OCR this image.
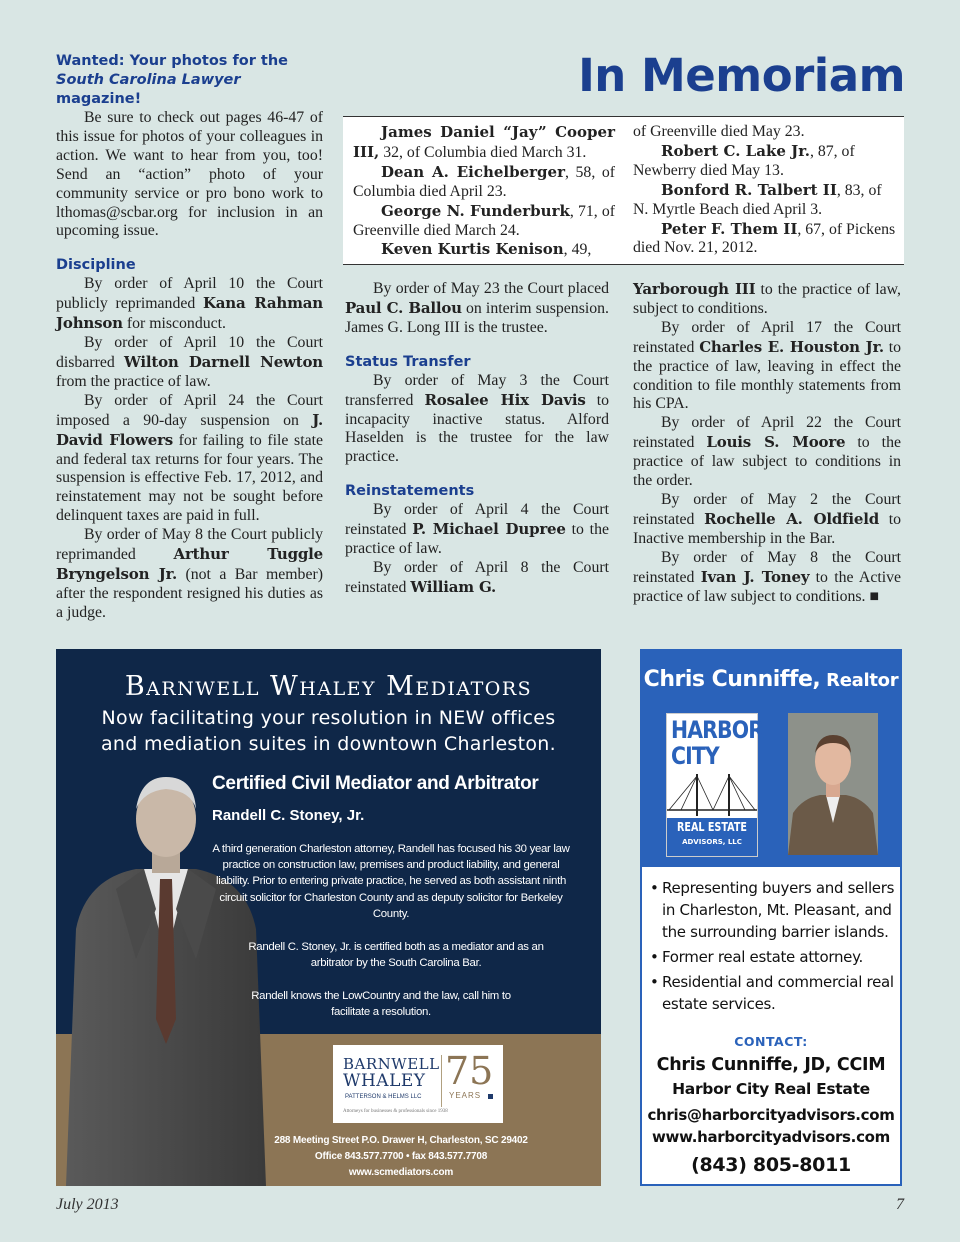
Wanted: Your photos for the
South Carolina Lawyer magazine!

Be sure to check out pages 46-47 of this issue for photos of your colleagues in action. We want to hear from you, too! Send an “action” photo of your community service or pro bono work to lthomas@scbar.org for inclusion in an upcoming issue.

Discipline

By order of April 10 the Court publicly reprimanded Kana Rahman Johnson for misconduct.

By order of April 10 the Court disbarred Wilton Darnell Newton from the practice of law.

By order of April 24 the Court imposed a 90-day suspension on J. David Flowers for failing to file state and federal tax returns for four years. The suspension is effective Feb. 17, 2012, and reinstatement may not be sought before delinquent taxes are paid in full.

By order of May 8 the Court publicly reprimanded Arthur Tuggle Bryngelson Jr. (not a Bar member) after the respondent resigned his duties as a judge.

In Memoriam

James Daniel “Jay” Cooper III, 32, of Columbia died March 31.

Dean A. Eichelberger, 58, of Columbia died April 23.

George N. Funderburk, 71, of Greenville died March 24.

Keven Kurtis Kenison, 49,

of Greenville died May 23.

Robert C. Lake Jr., 87, of Newberry died May 13.

Bonford R. Talbert II, 83, of N. Myrtle Beach died April 3.

Peter F. Them II, 67, of Pickens died Nov. 21, 2012.

By order of May 23 the Court placed Paul C. Ballou on interim suspension. James G. Long III is the trustee.

Status Transfer

By order of May 3 the Court transferred Rosalee Hix Davis to incapacity inactive status. Alford Haselden is the trustee for the law practice.

Reinstatements

By order of April 4 the Court reinstated P. Michael Dupree to the practice of law.

By order of April 8 the Court reinstated William G.

Yarborough III to the practice of law, subject to conditions.

By order of April 17 the Court reinstated Charles E. Houston Jr. to the practice of law, leaving in effect the condition to file monthly statements from his CPA.

By order of April 22 the Court reinstated Louis S. Moore to the practice of law subject to conditions in the order.

By order of May 2 the Court reinstated Rochelle A. Oldfield to Inactive membership in the Bar.

By order of May 8 the Court reinstated Ivan J. Toney to the Active practice of law subject to conditions. ■

Barnwell Whaley Mediators
Now facilitating your resolution in NEW offices
and mediation suites in downtown Charleston.
Certified Civil Mediator and Arbitrator
Randell C. Stoney, Jr.
A third generation Charleston attorney, Randell has focused his 30 year law practice on construction law, premises and product liability, and general liability. Prior to entering private practice, he served as both assistant ninth circuit solicitor for Charleston County and as deputy solicitor for Berkeley County.
Randell C. Stoney, Jr. is certified both as a mediator and as an arbitrator by the South Carolina Bar.
Randell knows the LowCountry and the law, call him to facilitate a resolution.
BARNWELL
WHALEY
PATTERSON & HELMS LLC
Attorneys for businesses & professionals since 1938
75
YEARS
288 Meeting Street P.O. Drawer H, Charleston, SC 29402
Office 843.577.7700 • fax 843.577.7708
www.scmediators.com
Chris Cunniffe, Realtor
HARBOR
CITY
REAL ESTATE
ADVISORS, LLC
• Representing buyers and sellers in Charleston, Mt. Pleasant, and the surrounding barrier islands.
• Former real estate attorney.
• Residential and commercial real estate services.
CONTACT:
Chris Cunniffe, JD, CCIM
Harbor City Real Estate
chris@harborcityadvisors.com
www.harborcityadvisors.com
(843) 805-8011
July 2013	7
